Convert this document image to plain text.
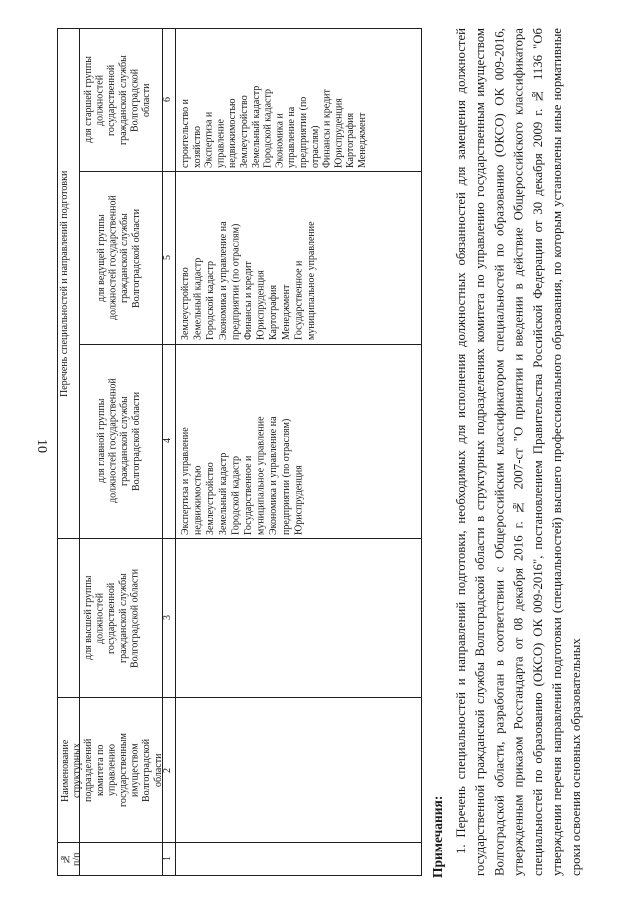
10
№
п/п
Наименование
структурных
подразделений
комитета по
управлению
государственным
имуществом
Волгоградской
области
Перечень специальностей и направлений подготовки
для высшей группы
должностей
государственной
гражданской службы
Волгоградской области
для главной группы
должностей государственной
гражданской службы
Волгоградской области
для ведущей группы
должностей государственной
гражданской службы
Волгоградской области
для старшей группы
должностей
государственной
гражданской службы
Волгоградской
области
1
2
3
4
5
6
Экспертиза и управление
недвижимостью
Землеустройство
Земельный кадастр
Городской кадастр
Государственное и
муниципальное управление
Экономика и управление на
предприятии (по отраслям)
Юриспруденция
Землеустройство
Земельный кадастр
Городской кадастр
Экономика и управление на
предприятии (по отраслям)
Финансы и кредит
Юриспруденция
Картография
Менеджмент
Государственное и
муниципальное управление
строительство и
хозяйство
Экспертиза и
управление
недвижимостью
Землеустройство
Земельный кадастр
Городской кадастр
Экономика и
управление на
предприятии (по
отраслям)
Финансы и кредит
Юриспруденция
Картография
Менеджмент
Примечания: 1. Перечень специальностей и направлений подготовки, необходимых для исполнения должностных обязанностей для замещения должностей государственной гражданской службы Волгоградской области в структурных подразделениях комитета по управлению государственным имуществом Волгоградской области, разработан в соответствии с Общероссийским классификатором специальностей по образованию (ОКСО) ОК 009-2016, утвержденным приказом Росстандарта от 08 декабря 2016 г. № 2007-ст "О принятии и введении в действие Общероссийского классификатора специальностей по образованию (ОКСО) ОК 009-2016", постановлением Правительства Российской Федерации от 30 декабря 2009 г. № 1136 "Об утверждении перечня направлений подготовки (специальностей) высшего профессионального образования, по которым установлены иные нормативные сроки освоения основных образовательных
